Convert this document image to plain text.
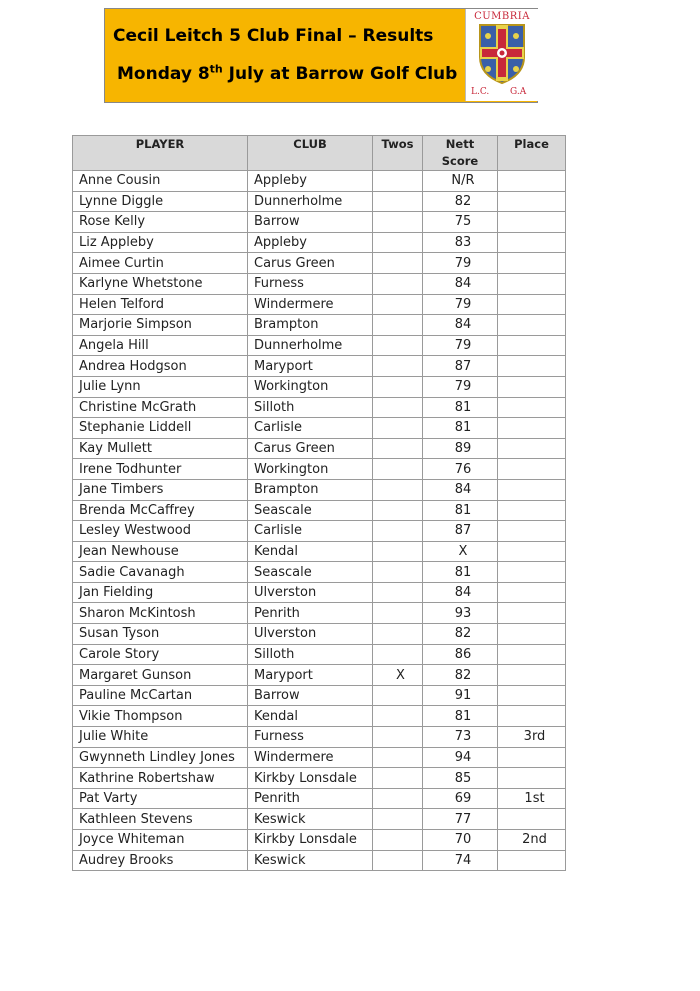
Cecil Leitch 5 Club Final – Results
Monday 8th July at Barrow Golf Club
CUMBRIA
L.C. G.A
PLAYER	CLUB	Twos	Nett Score	Place
Anne Cousin	Appleby		N/R	
Lynne Diggle	Dunnerholme		82	
Rose Kelly	Barrow		75	
Liz Appleby	Appleby		83	
Aimee Curtin	Carus Green		79	
Karlyne Whetstone	Furness		84	
Helen Telford	Windermere		79	
Marjorie Simpson	Brampton		84	
Angela Hill	Dunnerholme		79	
Andrea Hodgson	Maryport		87	
Julie Lynn	Workington		79	
Christine McGrath	Silloth		81	
Stephanie Liddell	Carlisle		81	
Kay Mullett	Carus Green		89	
Irene Todhunter	Workington		76	
Jane Timbers	Brampton		84	
Brenda McCaffrey	Seascale		81	
Lesley Westwood	Carlisle		87	
Jean Newhouse	Kendal		X	
Sadie Cavanagh	Seascale		81	
Jan Fielding	Ulverston		84	
Sharon McKintosh	Penrith		93	
Susan Tyson	Ulverston		82	
Carole Story	Silloth		86	
Margaret Gunson	Maryport	X	82	
Pauline McCartan	Barrow		91	
Vikie Thompson	Kendal		81	
Julie White	Furness		73	3rd
Gwynneth Lindley Jones	Windermere		94	
Kathrine Robertshaw	Kirkby Lonsdale		85	
Pat Varty	Penrith		69	1st
Kathleen Stevens	Keswick		77	
Joyce Whiteman	Kirkby Lonsdale		70	2nd
Audrey Brooks	Keswick		74	
